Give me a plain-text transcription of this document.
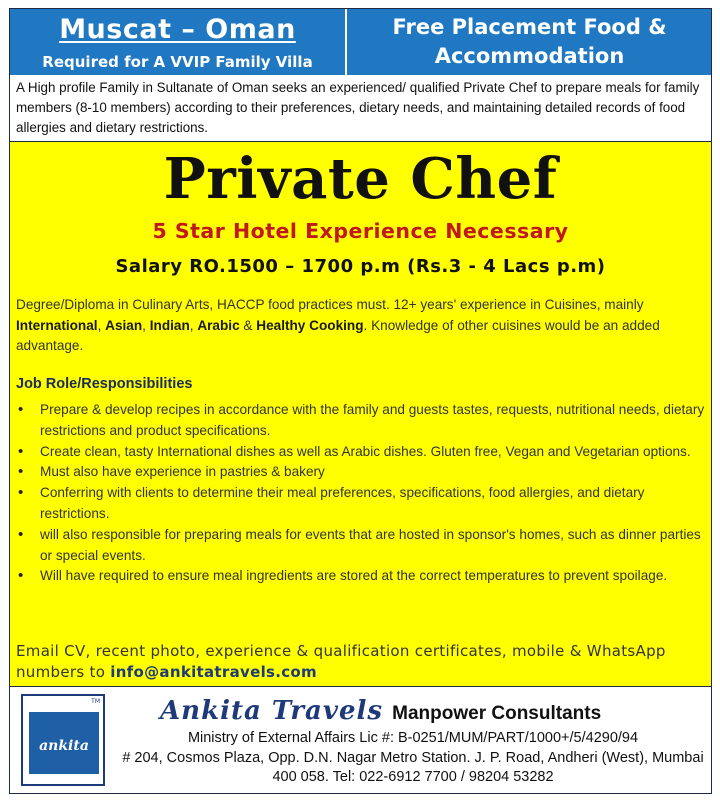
Muscat – Oman
Required for A VVIP Family Villa
Free Placement Food &
Accommodation
A High profile Family in Sultanate of Oman seeks an experienced/ qualified Private Chef to prepare meals for family members (8-10 members) according to their preferences, dietary needs, and maintaining detailed records of food allergies and dietary restrictions.
Private Chef
5 Star Hotel Experience Necessary
Salary RO.1500 – 1700 p.m (Rs.3 - 4 Lacs p.m)
Degree/Diploma in Culinary Arts, HACCP food practices must. 12+ years' experience in Cuisines, mainly International, Asian, Indian, Arabic & Healthy Cooking. Knowledge of other cuisines would be an added advantage.
Job Role/Responsibilities
• Prepare & develop recipes in accordance with the family and guests tastes, requests, nutritional needs, dietary restrictions and product specifications.
• Create clean, tasty International dishes as well as Arabic dishes. Gluten free, Vegan and Vegetarian options.
• Must also have experience in pastries & bakery
• Conferring with clients to determine their meal preferences, specifications, food allergies, and dietary restrictions.
• will also responsible for preparing meals for events that are hosted in sponsor's homes, such as dinner parties or special events.
• Will have required to ensure meal ingredients are stored at the correct temperatures to prevent spoilage.
Email CV, recent photo, experience & qualification certificates, mobile & WhatsApp numbers to info@ankitatravels.com
ankita
TM Ankita Travels Manpower Consultants
Ministry of External Affairs Lic #: B-0251/MUM/PART/1000+/5/4290/94
# 204, Cosmos Plaza, Opp. D.N. Nagar Metro Station. J. P. Road, Andheri (West), Mumbai 400 058. Tel: 022-6912 7700 / 98204 53282
